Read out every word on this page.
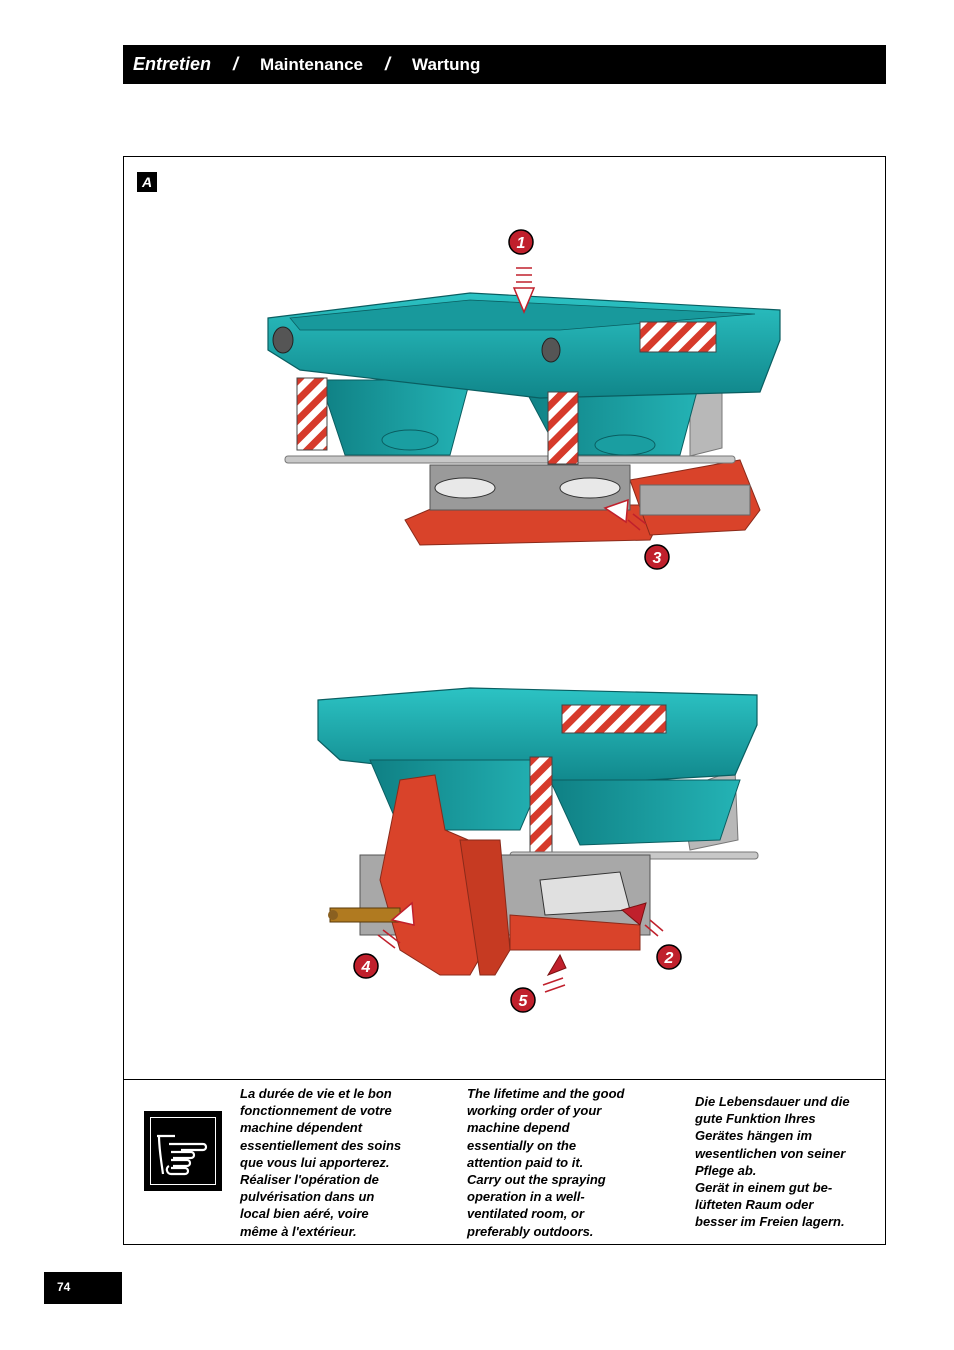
Entretien / Maintenance / Wartung
A
1
3
4
2
5

La durée de vie et le bon

fonctionnement de votre

machine dépendent

essentiellement des soins

que vous lui apporterez.

Réaliser l'opération de

pulvérisation dans un

local bien aéré, voire

même à l'extérieur.

The lifetime and the good

working order of your

machine depend

essentially on the

attention paid to it.

Carry out the spraying

operation in a well-

ventilated room, or

preferably outdoors.

Die Lebensdauer und die

gute Funktion Ihres

Gerätes hängen im

wesentlichen von seiner

Pflege ab.

Gerät in einem gut be-

lüfteten Raum oder

besser im Freien lagern.

74
